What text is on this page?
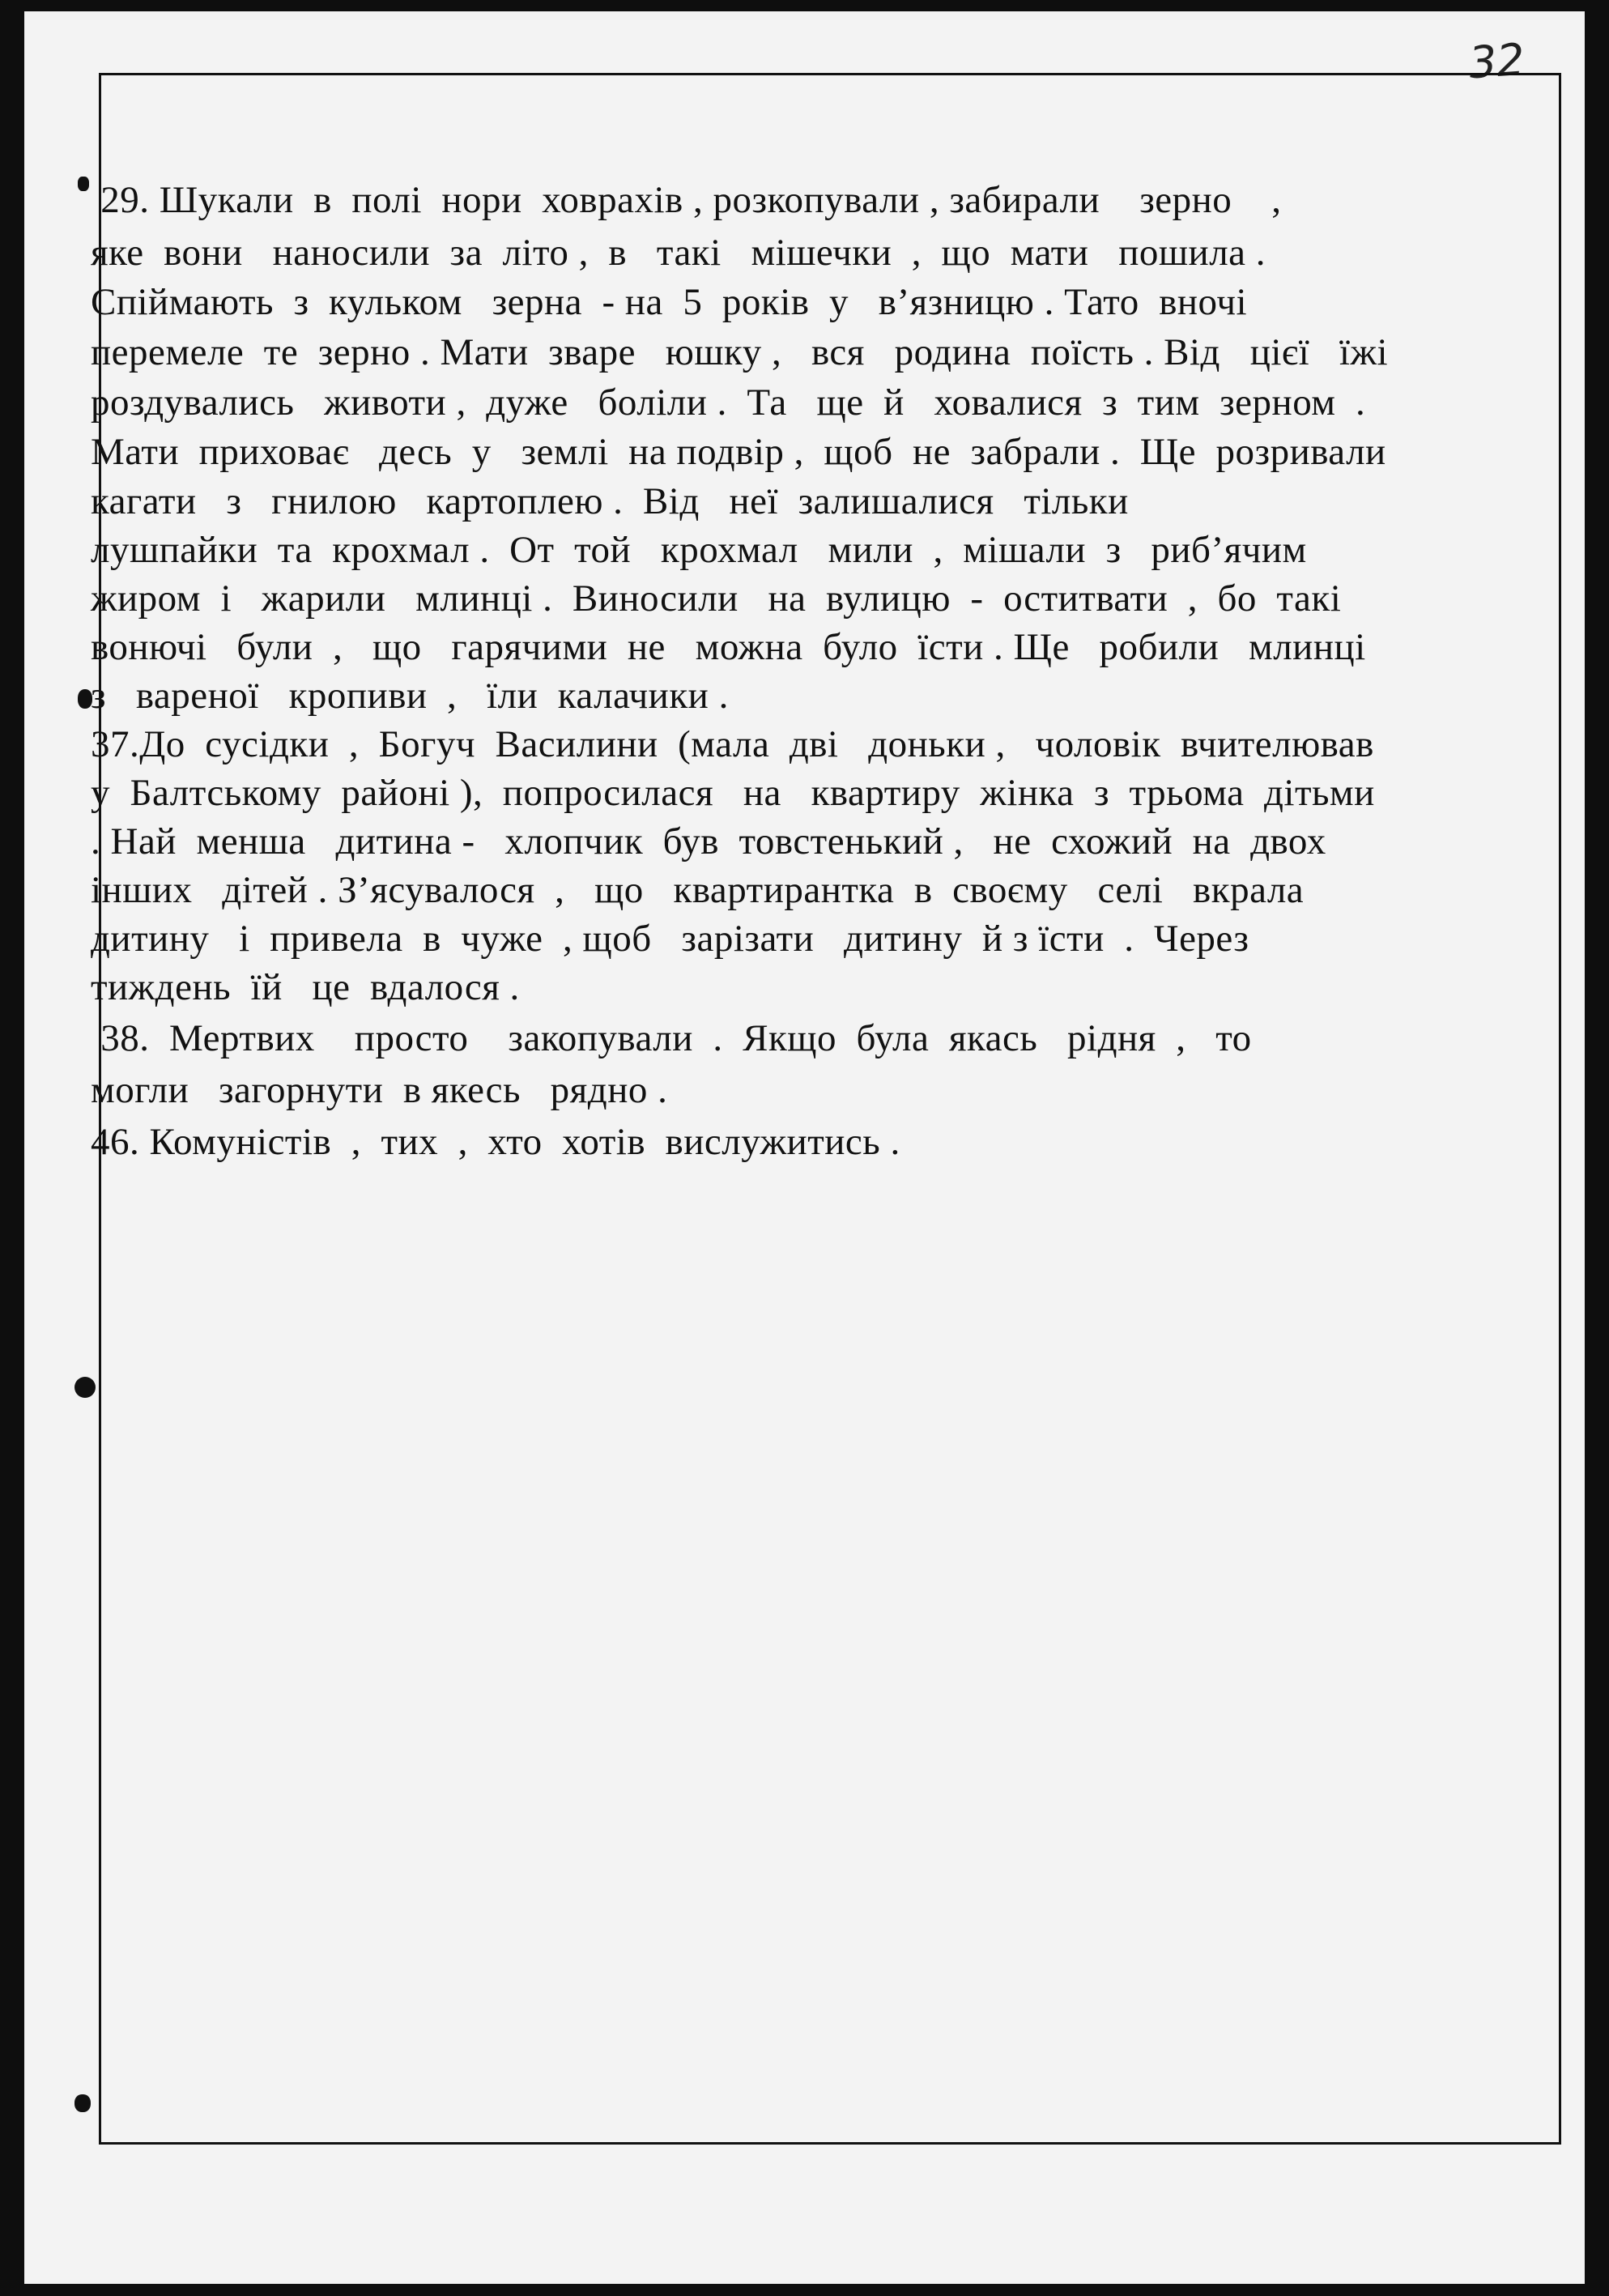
32

29. Шукали  в  полі  нори  ховрахів , розкопували , забирали    зерно    ,

яке  вони   наносили  за  літо ,  в   такі   мішечки  ,  що  мати   пошила .

Спіймають  з  кульком   зерна  - на  5  років  у   в’язницю . Тато  вночі

перемеле  те  зерно . Мати  зваре   юшку ,   вся   родина  поїсть . Від   цієї   їжі

роздувались   животи ,  дуже   боліли .  Та   ще  й   ховалися  з  тим  зерном  .

Мати  приховає   десь  у   землі  на подвір ,  щоб  не  забрали .  Ще  розривали

кагати   з   гнилою   картоплею .  Від   неї  залишалися   тільки

лушпайки  та  крохмал .  От  той   крохмал   мили  ,  мішали  з   риб’ячим

жиром  і   жарили   млинці .  Виносили   на  вулицю  -  оститвати  ,  бо  такі

вонючі   були  ,   що   гарячими  не   можна  було  їсти . Ще   робили   млинці

з   вареної   кропиви  ,   їли  калачики .

37.До  сусідки  ,  Богуч  Василини  (мала  дві   доньки ,   чоловік  вчителював

у  Балтському  районі ),  попросилася   на   квартиру  жінка  з  трьома  дітьми

. Най  менша   дитина -   хлопчик  був  товстенький ,   не  схожий  на  двох

інших   дітей . З’ясувалося  ,   що   квартирантка  в  своєму   селі   вкрала

дитину   і  привела  в  чуже  , щоб   зарізати   дитину  й з їсти  .  Через

тиждень  їй   це  вдалося .

38.  Мертвих    просто    закопували  .  Якщо  була  якась   рідня  ,   то

могли   загорнути  в якесь   рядно .

46. Комуністів  ,  тих  ,  хто  хотів  вислужитись .
